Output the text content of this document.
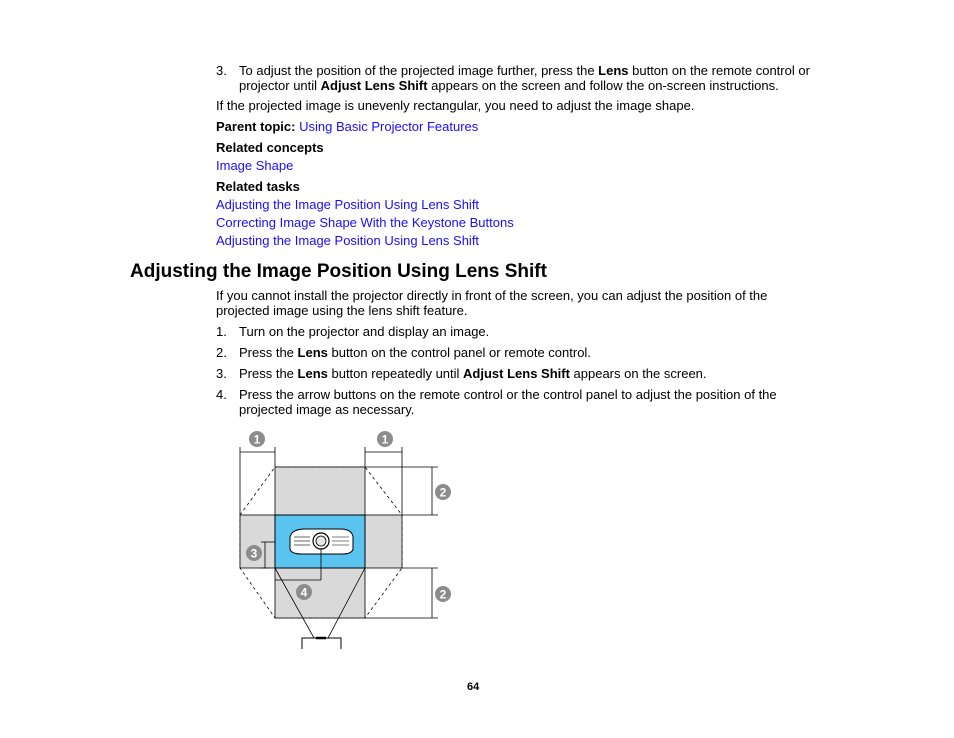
3. To adjust the position of the projected image further, press the Lens button on the remote control or
projector until Adjust Lens Shift appears on the screen and follow the on-screen instructions.
If the projected image is unevenly rectangular, you need to adjust the image shape.
Parent topic: Using Basic Projector Features
Related concepts
Image Shape
Related tasks
Adjusting the Image Position Using Lens Shift
Correcting Image Shape With the Keystone Buttons
Adjusting the Image Position Using Lens Shift
Adjusting the Image Position Using Lens Shift
If you cannot install the projector directly in front of the screen, you can adjust the position of the
projected image using the lens shift feature.
1. Turn on the projector and display an image.
2. Press the Lens button on the control panel or remote control.
3. Press the Lens button repeatedly until Adjust Lens Shift appears on the screen.
4. Press the arrow buttons on the remote control or the control panel to adjust the position of the
projected image as necessary.
1	1
2
2
3
4
64
